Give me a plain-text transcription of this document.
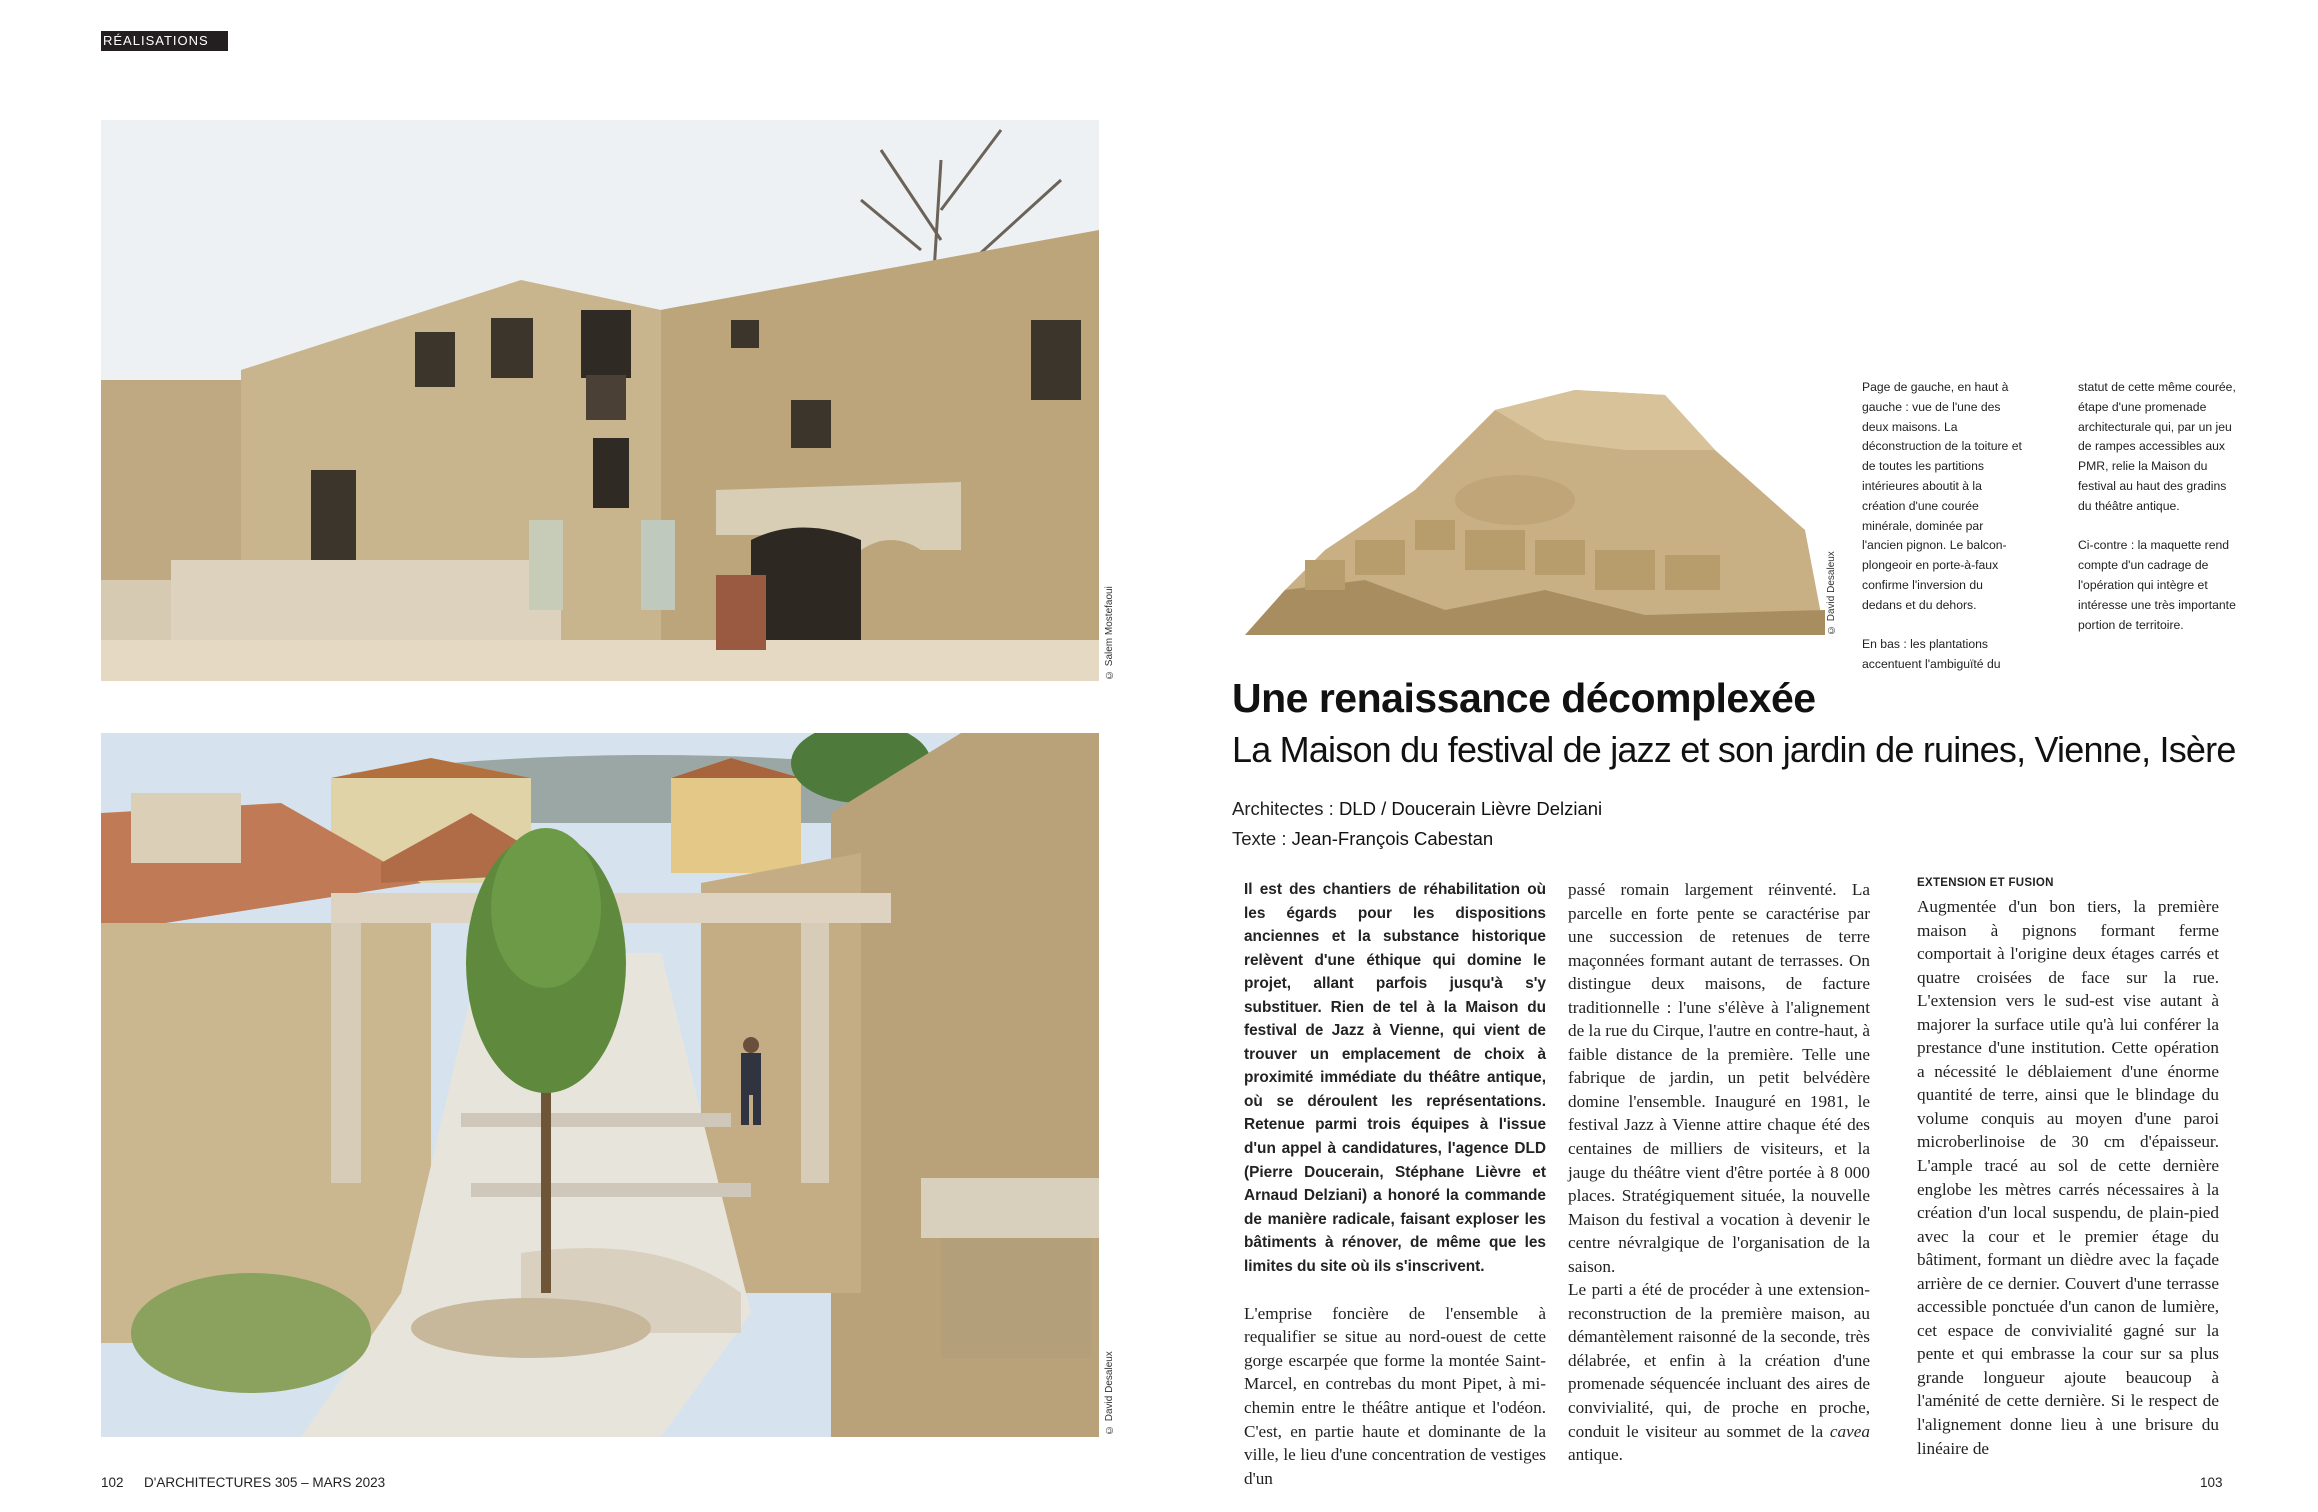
RÉALISATIONS
© Salem Mostefaoui
© David Desaleux
© David Desaleux

Page de gauche, en haut à gauche : vue de l'une des deux maisons. La déconstruction de la toiture et de toutes les partitions intérieures aboutit à la création d'une courée minérale, dominée par l'ancien pignon. Le balcon-plongeoir en porte-à-faux confirme l'inversion du dedans et du dehors.

En bas : les plantations accentuent l'ambiguïté du

statut de cette même courée, étape d'une promenade architecturale qui, par un jeu de rampes accessibles aux PMR, relie la Maison du festival au haut des gradins du théâtre antique.

Ci-contre : la maquette rend compte d'un cadrage de l'opération qui intègre et intéresse une très importante portion de territoire.

Une renaissance décomplexée
La Maison du festival de jazz et son jardin de ruines, Vienne, Isère
Architectes : DLD / Doucerain Lièvre Delziani
Texte : Jean-François Cabestan

Il est des chantiers de réhabilitation où les égards pour les dispositions anciennes et la substance historique relèvent d'une éthique qui domine le projet, allant parfois jusqu'à s'y substituer. Rien de tel à la Maison du festival de Jazz à Vienne, qui vient de trouver un emplacement de choix à proximité immédiate du théâtre antique, où se déroulent les représentations. Retenue parmi trois équipes à l'issue d'un appel à candidatures, l'agence DLD (Pierre Doucerain, Stéphane Lièvre et Arnaud Delziani) a honoré la commande de manière radicale, faisant exploser les bâtiments à rénover, de même que les limites du site où ils s'inscrivent.

L'emprise foncière de l'ensemble à requalifier se situe au nord-ouest de cette gorge escarpée que forme la montée Saint-Marcel, en contrebas du mont Pipet, à mi-chemin entre le théâtre antique et l'odéon. C'est, en partie haute et dominante de la ville, le lieu d'une concentration de vestiges d'un

passé romain largement réinventé. La parcelle en forte pente se caractérise par une succession de retenues de terre maçonnées formant autant de terrasses. On distingue deux maisons, de facture traditionnelle : l'une s'élève à l'alignement de la rue du Cirque, l'autre en contre-haut, à faible distance de la première. Telle une fabrique de jardin, un petit belvédère domine l'ensemble. Inauguré en 1981, le festival Jazz à Vienne attire chaque été des centaines de milliers de visiteurs, et la jauge du théâtre vient d'être portée à 8 000 places. Stratégiquement située, la nouvelle Maison du festival a vocation à devenir le centre névralgique de l'organisation de la saison.

Le parti a été de procéder à une extension-reconstruction de la première maison, au démantèlement raisonné de la seconde, très délabrée, et enfin à la création d'une promenade séquencée incluant des aires de convivialité, qui, de proche en proche, conduit le visiteur au sommet de la cavea antique.

EXTENSION ET FUSION

Augmentée d'un bon tiers, la première maison à pignons formant ferme comportait à l'origine deux étages carrés et quatre croisées de face sur la rue. L'extension vers le sud-est vise autant à majorer la surface utile qu'à lui conférer la prestance d'une institution. Cette opération a nécessité le déblaiement d'une énorme quantité de terre, ainsi que le blindage du volume conquis au moyen d'une paroi microberlinoise de 30 cm d'épaisseur. L'ample tracé au sol de cette dernière englobe les mètres carrés nécessaires à la création d'un local suspendu, de plain-pied avec la cour et le premier étage du bâtiment, formant un dièdre avec la façade arrière de ce dernier. Couvert d'une terrasse accessible ponctuée d'un canon de lumière, cet espace de convivialité gagné sur la pente et qui embrasse la cour sur sa plus grande longueur ajoute beaucoup à l'aménité de cette dernière. Si le respect de l'alignement donne lieu à une brisure du linéaire de

102 D'ARCHITECTURES 305 – MARS 2023	103
